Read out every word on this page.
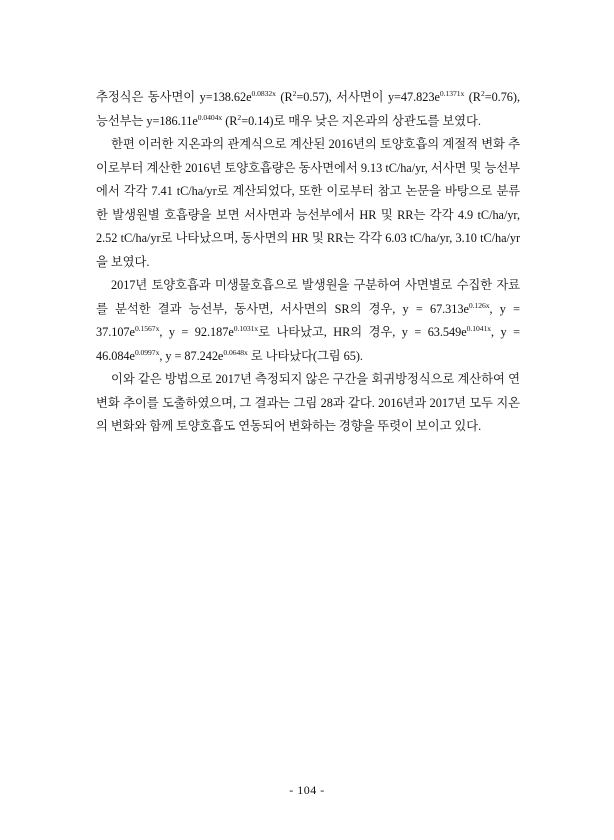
추정식은 동사면이 $y=138.62e^{0.0832x}$ $(R^2=0.57)$, 서사면이 $y=47.823e^{0.1371x}$ $(R^2=0.76)$, 능선부는 $y=186.11e^{0.0404x}$ $(R^2=0.14)$로 매우 낮은 지온과의 상관도를 보였다.

한편 이러한 지온과의 관계식으로 계산된 2016년의 토양호흡의 계절적 변화 추이로부터 계산한 2016년 토양호흡량은 동사면에서 9.13 tC/ha/yr, 서사면 및 능선부에서 각각 7.41 tC/ha/yr로 계산되었다, 또한 이로부터 참고 논문을 바탕으로 분류한 발생원별 호흡량을 보면 서사면과 능선부에서 HR 및 RR는 각각 4.9 tC/ha/yr, 2.52 tC/ha/yr로 나타났으며, 동사면의 HR 및 RR는 각각 6.03 tC/ha/yr, 3.10 tC/ha/yr을 보였다.

2017년 토양호흡과 미생물호흡으로 발생원을 구분하여 사면별로 수집한 자료를 분석한 결과 능선부, 동사면, 서사면의 SR의 경우, $y = 67.313e^{0.126x}$, $y = 37.107e^{0.1567x}$, $y = 92.187e^{0.1031x}$로 나타났고, HR의 경우, $y = 63.549e^{0.1041x}$, $y = 46.084e^{0.0997x}$, $y = 87.242e^{0.0648x}$ 로 나타났다(그림 65).

이와 같은 방법으로 2017년 측정되지 않은 구간을 회귀방정식으로 계산하여 연 변화 추이를 도출하였으며, 그 결과는 그림 28과 같다. 2016년과 2017년 모두 지온의 변화와 함께 토양호흡도 연동되어 변화하는 경향을 뚜렷이 보이고 있다.

- 104 -
